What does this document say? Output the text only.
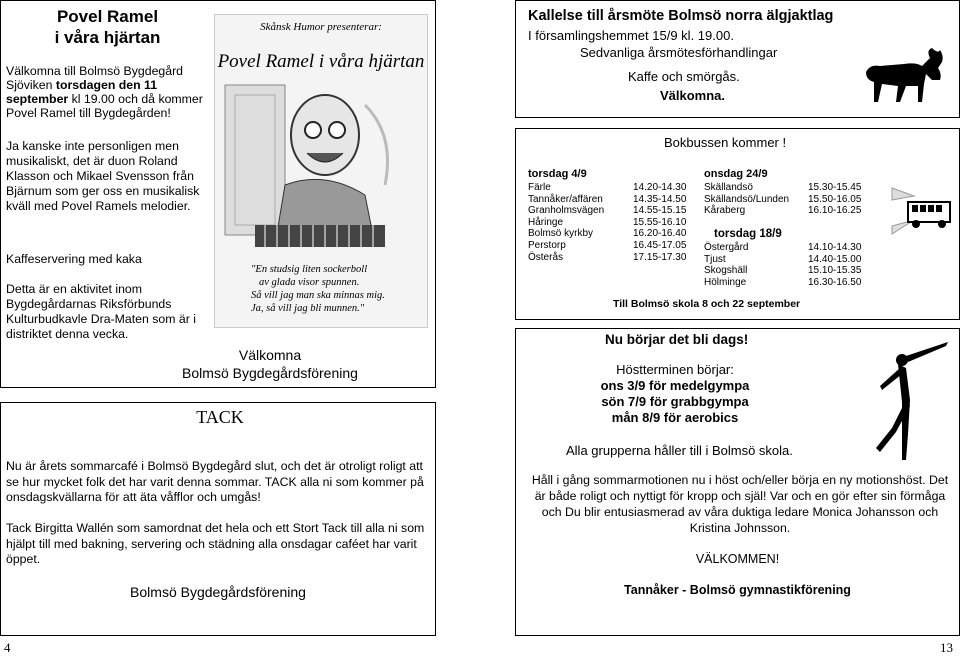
Povel Ramel
i våra hjärtan

Välkomna till Bolmsö Bygdegård Sjöviken torsdagen den 11 september kl 19.00 och då kommer Povel Ramel till Bygdegården!

Ja kanske inte personligen men musikaliskt, det är duon Roland Klasson och Mikael Svensson från Bjärnum som ger oss en musikalisk kväll med Povel Ramels melodier.

Kaffeservering med kaka

Detta är en aktivitet inom Bygdegårdarnas Riksförbunds Kulturbudkavle Dra-Maten som är i distriktet denna vecka.

Välkomna
Bolmsö Bygdegårdsförening
Skånsk Humor presenterar:
Povel Ramel i våra hjärtan
"En studsig liten sockerboll
av glada visor spunnen.
Så vill jag man ska minnas mig.
Ja, så vill jag bli munnen."
TACK

Nu är årets sommarcafé i Bolmsö Bygdegård slut, och det är otroligt roligt att se hur mycket folk det har varit denna sommar. TACK alla ni som kommer på onsdagskvällarna för att äta våfflor och umgås!

Tack Birgitta Wallén som samordnat det hela och ett Stort Tack till alla ni som hjälpt till med bakning, servering och städning alla onsdagar caféet har varit öppet.

Bolmsö Bygdegårdsförening
4
Kallelse till årsmöte Bolmsö norra älgjaktlag
I församlingshemmet 15/9 kl. 19.00.
Sedvanliga årsmötesförhandlingar
Kaffe och smörgås.
Välkomna.
Bokbussen kommer !
torsdag 4/9
Färle	14.20-14.30
Tannåker/affären	14.35-14.50
Granholmsvägen	14.55-15.15
Håringe	15.55-16.10
Bolmsö kyrkby	16.20-16.40
Perstorp	16.45-17.05
Österås	17.15-17.30
onsdag 24/9
Skällandsö	15.30-15.45
Skällandsö/Lunden 15.50-16.05
Kåraberg	16.10-16.25
torsdag 18/9
Östergård	14.10-14.30
Tjust	14.40-15.00
Skogshäll	15.10-15.35
Hölminge	16.30-16.50
Till Bolmsö skola 8 och 22 september
Nu börjar det bli dags!
Höstterminen börjar:
ons 3/9 för medelgympa
sön 7/9 för grabbgympa
mån 8/9 för aerobics
Alla grupperna håller till i Bolmsö skola.

Håll i gång sommarmotionen nu i höst och/eller börja en ny motionshöst. Det är både roligt och nyttigt för kropp och själ! Var och en gör efter sin förmåga och Du blir entusiasmerad av våra duktiga ledare Monica Johansson och Kristina Johnsson.

VÄLKOMMEN!
Tannåker - Bolmsö gymnastikförening
13
